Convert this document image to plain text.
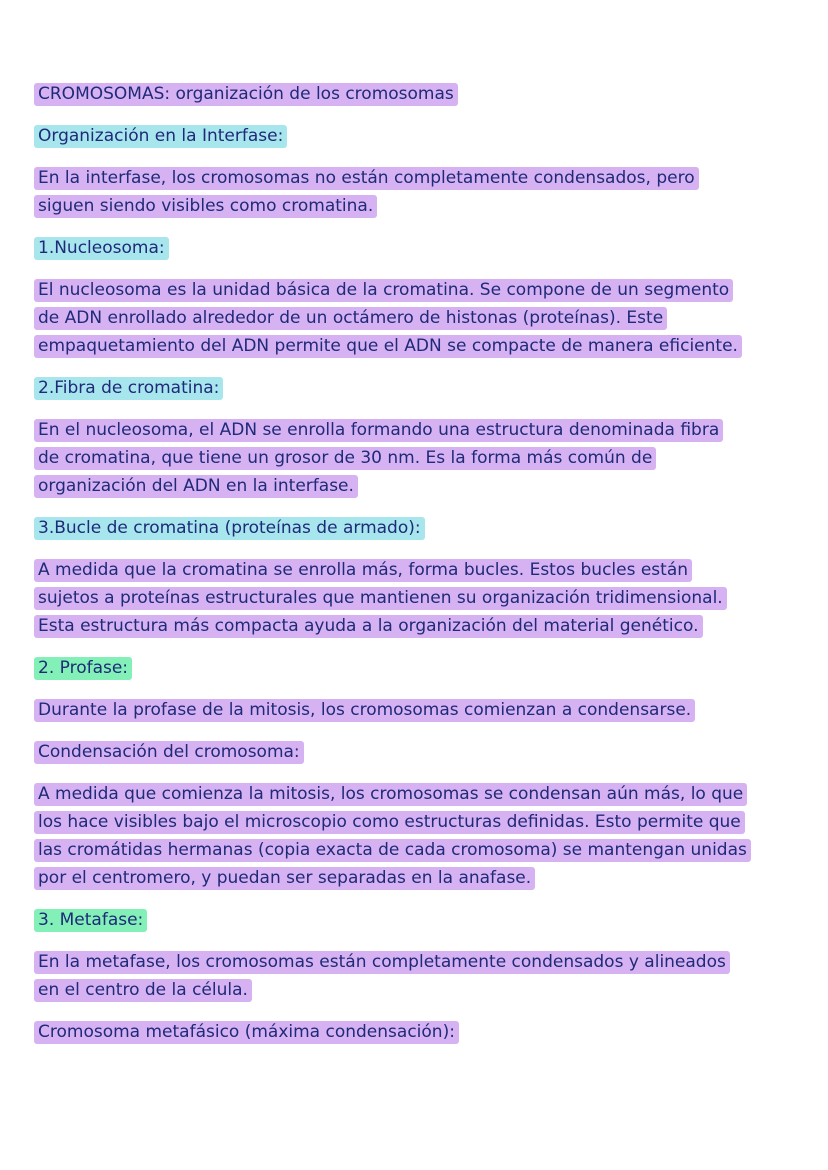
CROMOSOMAS: organización de los cromosomas
Organización en la Interfase:
En la interfase, los cromosomas no están completamente condensados, pero
siguen siendo visibles como cromatina.
1.Nucleosoma:
El nucleosoma es la unidad básica de la cromatina. Se compone de un segmento
de ADN enrollado alrededor de un octámero de histonas (proteínas). Este
empaquetamiento del ADN permite que el ADN se compacte de manera eficiente.
2.Fibra de cromatina:
En el nucleosoma, el ADN se enrolla formando una estructura denominada fibra
de cromatina, que tiene un grosor de 30 nm. Es la forma más común de
organización del ADN en la interfase.
3.Bucle de cromatina (proteínas de armado):
A medida que la cromatina se enrolla más, forma bucles. Estos bucles están
sujetos a proteínas estructurales que mantienen su organización tridimensional.
Esta estructura más compacta ayuda a la organización del material genético.
2. Profase:
Durante la profase de la mitosis, los cromosomas comienzan a condensarse.
Condensación del cromosoma:
A medida que comienza la mitosis, los cromosomas se condensan aún más, lo que
los hace visibles bajo el microscopio como estructuras definidas. Esto permite que
las cromátidas hermanas (copia exacta de cada cromosoma) se mantengan unidas
por el centromero, y puedan ser separadas en la anafase.
3. Metafase:
En la metafase, los cromosomas están completamente condensados y alineados
en el centro de la célula.
Cromosoma metafásico (máxima condensación):
